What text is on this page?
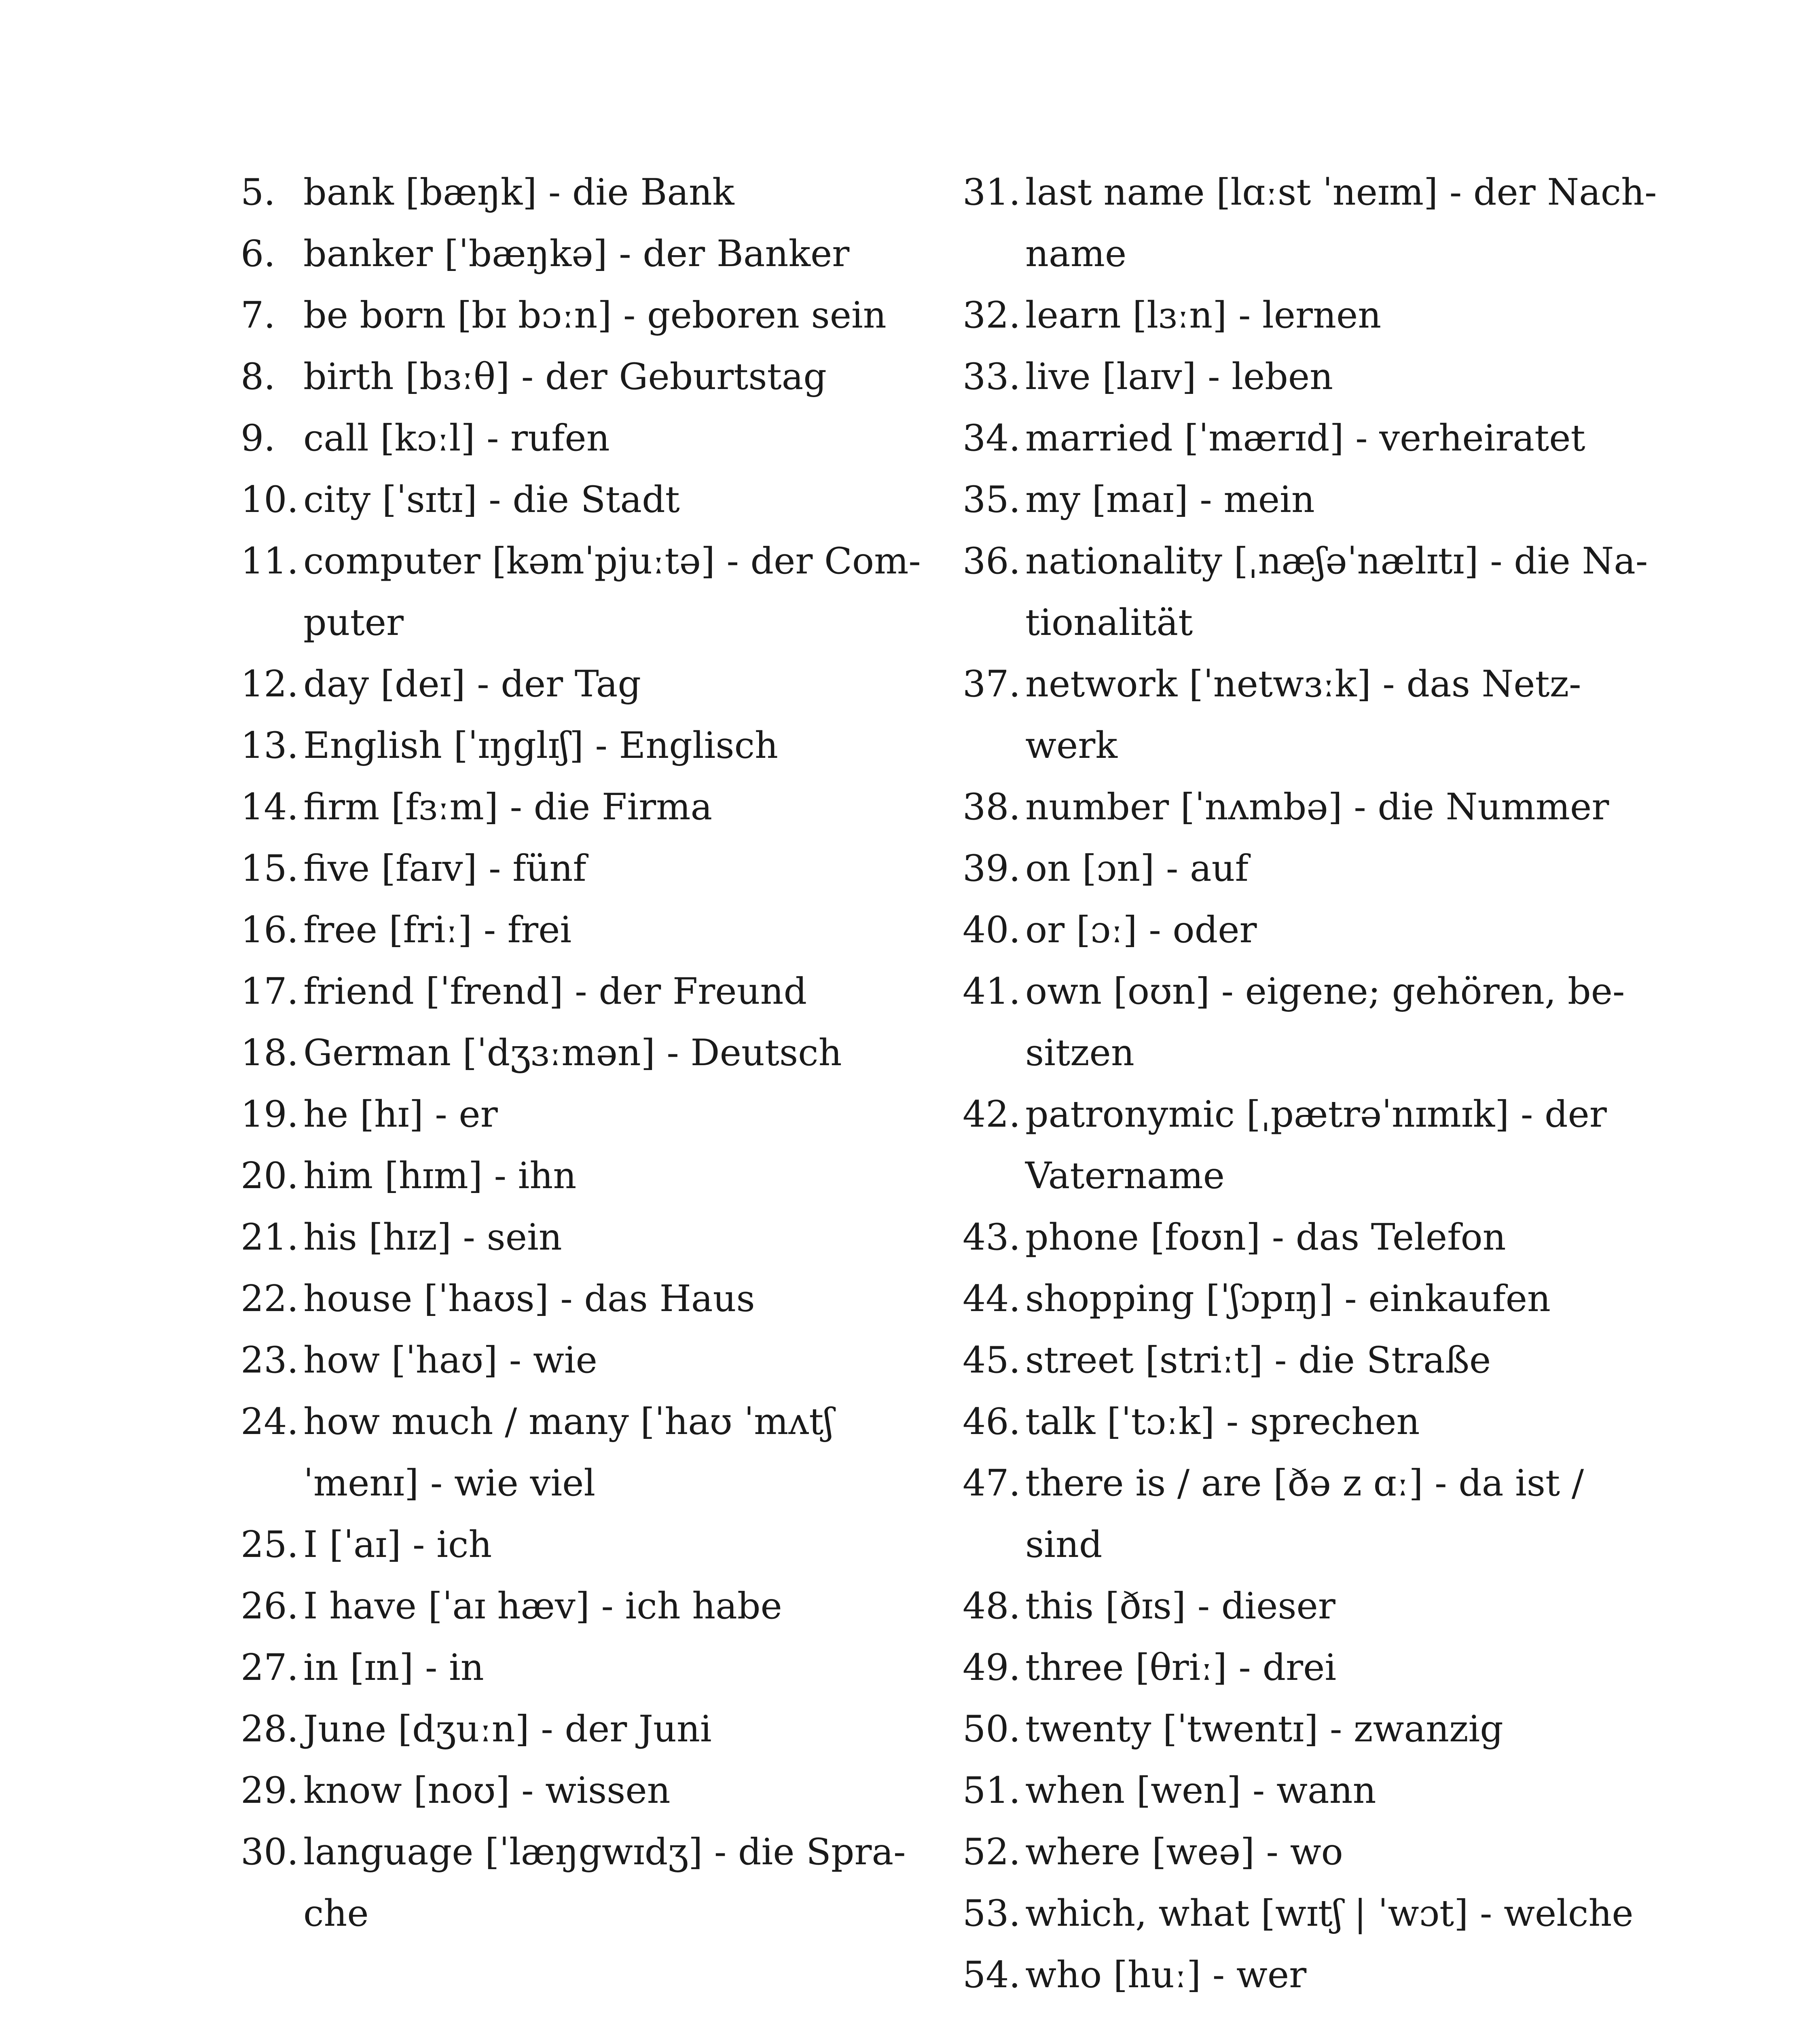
5. bank [bæŋk] - die Bank
6. banker [ˈbæŋkə] - der Banker
7. be born [bɪ bɔːn] - geboren sein
8. birth [bɜːθ] - der Geburtstag
9. call [kɔːl] - rufen
10. city [ˈsɪtɪ] - die Stadt
11. computer [kəmˈpjuːtə] - der Com-puter
12. day [deɪ] - der Tag
13. English [ˈɪŋglɪʃ] - Englisch
14. firm [fɜːm] - die Firma
15. five [faɪv] - fünf
16. free [friː] - frei
17. friend [ˈfrend] - der Freund
18. German [ˈdʒɜːmən] - Deutsch
19. he [hɪ] - er
20. him [hɪm] - ihn
21. his [hɪz] - sein
22. house [ˈhaʊs] - das Haus
23. how [ˈhaʊ] - wie
24. how much / many [ˈhaʊ ˈmʌtʃ ˈmenɪ] - wie viel
25. I [ˈaɪ] - ich
26. I have [ˈaɪ hæv] - ich habe
27. in [ɪn] - in
28. June [dʒuːn] - der Juni
29. know [noʊ] - wissen
30. language [ˈlæŋgwɪdʒ] - die Spra-che
31. last name [lɑːst ˈneɪm] - der Nach-name
32. learn [lɜːn] - lernen
33. live [laɪv] - leben
34. married [ˈmærɪd] - verheiratet
35. my [maɪ] - mein
36. nationality [ˌnæʃəˈnælɪtɪ] - die Na-tionalität
37. network [ˈnetwɜːk] - das Netz-werk
38. number [ˈnʌmbə] - die Nummer
39. on [ɔn] - auf
40. or [ɔː] - oder
41. own [oʊn] - eigene; gehören, be-sitzen
42. patronymic [ˌpætrəˈnɪmɪk] - der Vatername
43. phone [foʊn] - das Telefon
44. shopping [ˈʃɔpɪŋ] - einkaufen
45. street [striːt] - die Straße
46. talk [ˈtɔːk] - sprechen
47. there is / are [ðə z ɑː] - da ist / sind
48. this [ðɪs] - dieser
49. three [θriː] - drei
50. twenty [ˈtwentɪ] - zwanzig
51. when [wen] - wann
52. where [weə] - wo
53. which, what [wɪtʃ | ˈwɔt] - welche
54. who [huː] - wer
